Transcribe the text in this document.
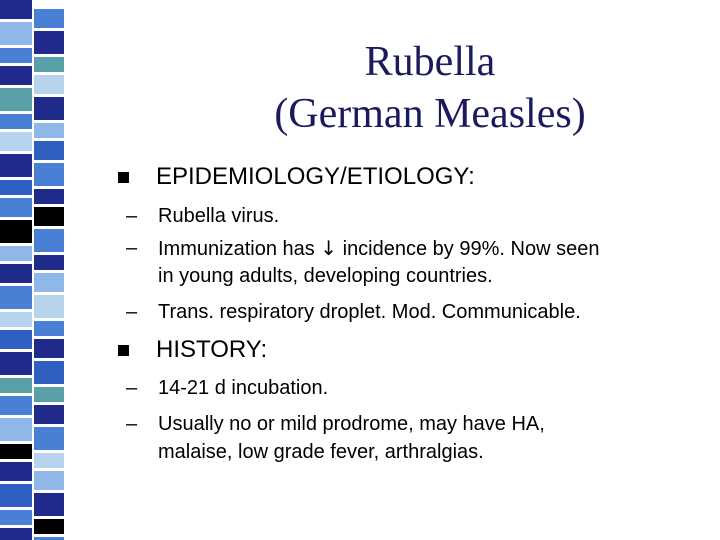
Rubella
(German Measles)
EPIDEMIOLOGY/ETIOLOGY:
– Rubella virus.
– Immunization has ↓ incidence by 99%. Now seen
in young adults, developing countries.
– Trans. respiratory droplet. Mod. Communicable.
HISTORY:
– 14-21 d incubation.
– Usually no or mild prodrome, may have HA,
malaise, low grade fever, arthralgias.
